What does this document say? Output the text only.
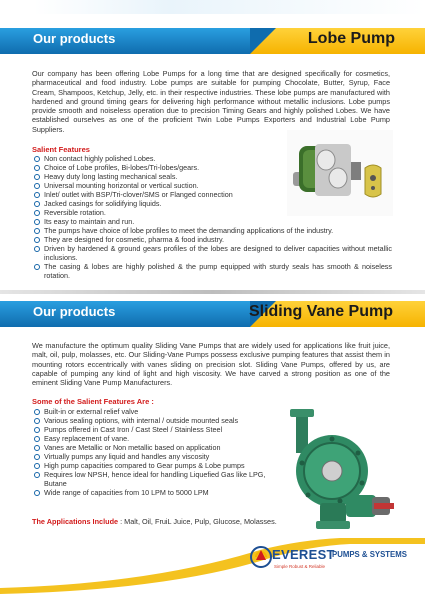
Our products	Lobe Pump
Our company has been offering Lobe Pumps for a long time that are designed specifically for cosmetics, pharmaceutical and food industry. Lobe pumps are suitable for pumping Chocolate, Butter, Syrup, Face Cream, Shampoos, Ketchup, Jelly, etc. in their respective industries. These lobe pumps are manufactured with hardened and ground timing gears for delivering high performance without metallic inclusions. Lobe pumps provide smooth and noiseless operation due to precision Timing Gears and highly polished Lobes. We have established ourselves as one of the proficient Twin Lobe Pumps Exporters and Industrial Lobe Pump Suppliers.
Salient Features
Non contact highly polished Lobes.
Choice of Lobe profiles, Bi-lobes/Tri-lobes/gears.
Heavy duty long lasting mechanical seals.
Universal mounting horizontal or vertical suction.
Inlet/ outlet with BSP/Tri-clover/SMS or Flanged connection
Jacked casings for solidifying liquids.
Reversible rotation.
Its easy to maintain and run.
The pumps have choice of lobe profiles to meet the demanding applications of the industry.
They are designed for cosmetic, pharma & food industry.
Driven by hardened & ground gears profiles of the lobes are designed to deliver capacities without metallic inclusions.
The casing & lobes are highly polished & the pump equipped with sturdy seals has smooth & noiseless rotation.
Our products	Sliding Vane Pump
We manufacture the optimum quality Sliding Vane Pumps that are widely used for applications like fruit juice, malt, oil, pulp, molasses, etc. Our Sliding-Vane Pumps possess exclusive pumping features that assist them in mounting rotors eccentrically with vanes sliding on precision slot. Sliding Vane Pumps, offered by us, are capable of pumping any kind of light and high viscosity. We have carved a strong position as one of the eminent Sliding Vane Pump Manufacturers.
Some of the Salient Features Are :
Built-in or external relief valve
Various sealing options, with internal / outside mounted seals
Pumps offered in Cast Iron / Cast Steel / Stainless Steel
Easy replacement of vane.
Vanes are Metallic or Non metallic based on application
Virtually pumps any liquid and handles any viscosity
High pump capacities compared to Gear pumps & Lobe pumps
Requires low NPSH, hence ideal for handling Liquefied Gas like LPG, Butane
Wide range of capacities from 10 LPM to 5000 LPM
The Applications Include : Malt, Oil, FruiL Juice, Pulp, Glucose, Molasses.
EVEREST
PUMPS & SYSTEMS
Simple Robust & Reliable
